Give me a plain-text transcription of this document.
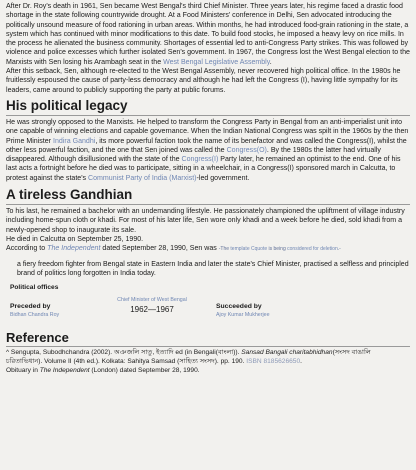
After Dr. Roy's death in 1961, Sen became West Bengal's third Chief Minister. Three years later, his regime faced a drastic food shortage in the state following countrywide drought. At a Food Ministers' conference in Delhi, Sen advocated introducing the politically unsound measure of food rationing in urban areas. Within months, he had introduced food-grain rationing in the state, a system which has continued with minor modifications to this date. To build food stocks, he imposed a heavy levy on rice mills. In the process he alienated the business community. Shortages of essential led to anti-Congress Party strikes. This was followed by violence and police excesses which further isolated Sen's government. In 1967, the Congress lost the West Bengal election to the Marxists with Sen losing his Arambagh seat in the West Bengal Legislative Assembly.
After this setback, Sen, although re-elected to the West Bengal Assembly, never recovered high political office. In the 1980s he fruitlessly espoused the cause of party-less democracy and although he had left the Congress (I), having little sympathy for its leaders, came around to publicly supporting the party at public forums.

His political legacy

He was strongly opposed to the Marxists. He helped to transform the Congress Party in Bengal from an anti-imperialist unit into one capable of winning elections and capable governance. When the Indian National Congress was spilt in the 1960s by the then Prime Minister Indira Gandhi, its more powerful faction took the name of its benefactor and was called the Congress(I), whilst the other less powerful faction, and the one that Sen joined was called the Congress(O). By the 1980s the latter had virtually disappeared. Although disillusioned with the state of the Congress(I) Party later, he remained an optimist to the end. One of his last acts a fortnight before he died was to participate, sitting in a wheelchair, in a Congress(I) sponsored march in Calcutta, to protest against the state's Communist Party of India (Marxist)-led government.

A tireless Gandhian

To his last, he remained a bachelor with an undemanding lifestyle. He passionately championed the upliftment of village industry including home-spun cloth or khadi. For most of his later life, Sen wore only khadi and a week before he died, sold khadi from a newly-opened shop to inaugurate its sale.
He died in Calcutta on September 25, 1990.
According to The Independent dated September 28, 1990, Sen was -The template Cquote is being considered for deletion.-

a fiery freedom fighter from Bengal state in Eastern India and later the state's Chief Minister, practised a selfless and principled brand of politics long forgotten in India today.

Political offices
Preceded by
Bidhan Chandra Roy
Chief Minister of West Bengal
1962—1967	Succeeded by
Ajoy Kumar Mukherjee
Reference

^ Sengupta, Subodhchandra (2002). অঞজলি সাতু, ইত্যাদি ed (in Bengali(বাংলা)). Sansad Bangali charitabhidhan(সংসদ বাঙালি
চরিতাভিধান). Volume II (4th ed.). Kolkata: Sahitya Samsad (সাহিত্য সংসদ). pp. 190. ISBN 8185626650.

Obituary in The Independent (London) dated September 28, 1990.
